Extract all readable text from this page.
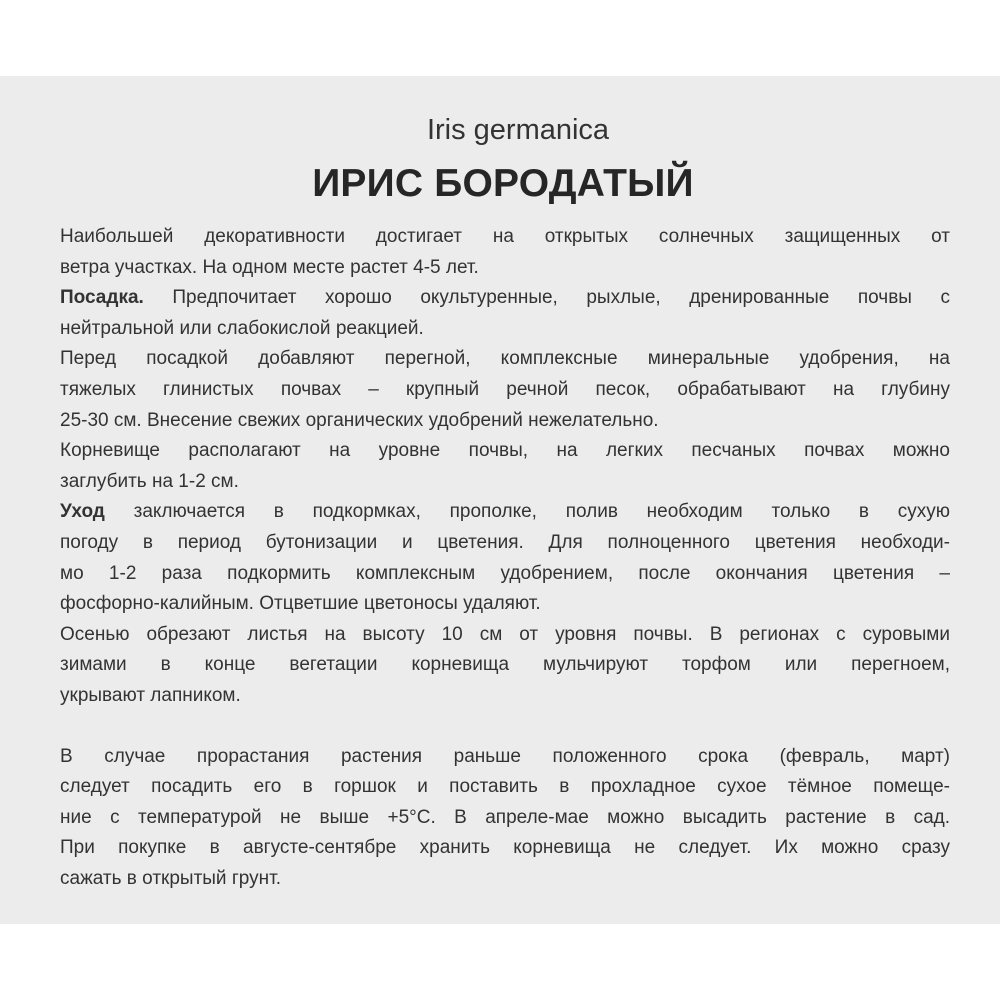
Iris germanica
ИРИС БОРОДАТЫЙ
Наибольшей декоративности достигает на открытых солнечных защищенных от
ветра участках. На одном месте растет 4-5 лет.
Посадка. Предпочитает хорошо окультуренные, рыхлые, дренированные почвы с
нейтральной или слабокислой реакцией.
Перед посадкой добавляют перегной, комплексные минеральные удобрения, на
тяжелых глинистых почвах – крупный речной песок, обрабатывают на глубину
25-30 см. Внесение свежих органических удобрений нежелательно.
Корневище располагают на уровне почвы, на легких песчаных почвах можно
заглубить на 1-2 см.
Уход заключается в подкормках, прополке, полив необходим только в сухую
погоду в период бутонизации и цветения. Для полноценного цветения необходи-
мо 1-2 раза подкормить комплексным удобрением, после окончания цветения –
фосфорно-калийным. Отцветшие цветоносы удаляют.
Осенью обрезают листья на высоту 10 см от уровня почвы. В регионах с суровыми
зимами в конце вегетации корневища мульчируют торфом или перегноем,
укрывают лапником.
В случае прорастания растения раньше положенного срока (февраль, март)
следует посадить его в горшок и поставить в прохладное сухое тёмное помеще-
ние с температурой не выше +5°С. В апреле-мае можно высадить растение в сад.
При покупке в августе-сентябре хранить корневища не следует. Их можно сразу
сажать в открытый грунт.
